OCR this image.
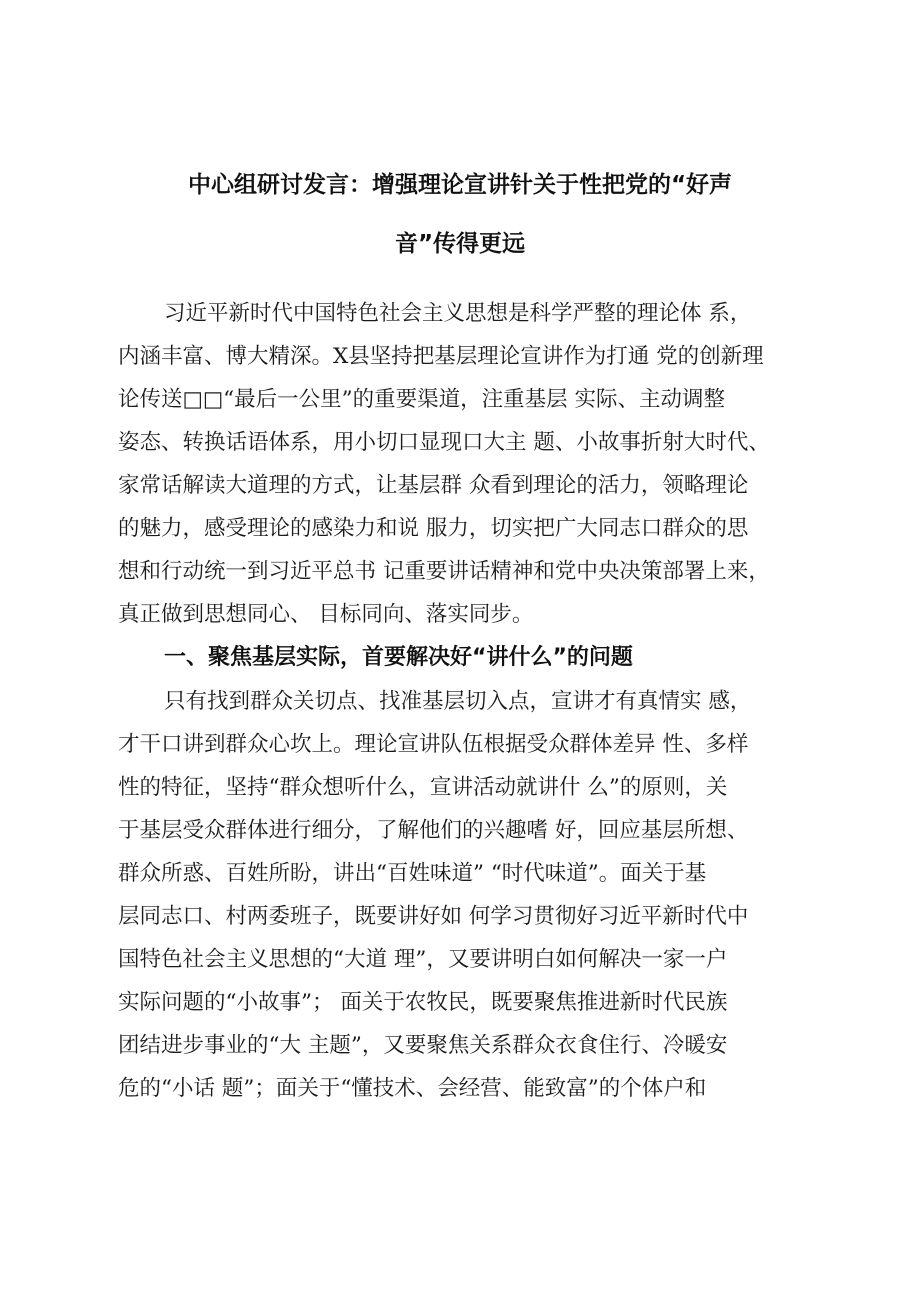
中心组研讨发言：增强理论宣讲针关于性把党的“好声
音”传得更远
习近平新时代中国特色社会主义思想是科学严整的理论体 系，
内涵丰富、博大精深。X县坚持把基层理论宣讲作为打通 党的创新理
论传送□□“最后一公里”的重要渠道，注重基层 实际、主动调整
姿态、转换话语体系，用小切口显现口大主 题、小故事折射大时代、
家常话解读大道理的方式，让基层群 众看到理论的活力，领略理论
的魅力，感受理论的感染力和说 服力，切实把广大同志口群众的思
想和行动统一到习近平总书 记重要讲话精神和党中央决策部署上来，
真正做到思想同心、 目标同向、落实同步。
一、聚焦基层实际，首要解决好“讲什么”的问题
只有找到群众关切点、找准基层切入点，宣讲才有真情实 感，
才干口讲到群众心坎上。理论宣讲队伍根据受众群体差异 性、多样
性的特征，坚持“群众想听什么，宣讲活动就讲什 么”的原则，关
于基层受众群体进行细分，了解他们的兴趣嗜 好，回应基层所想、
群众所惑、百姓所盼，讲出“百姓味道” “时代味道”。面关于基
层同志口、村两委班子，既要讲好如 何学习贯彻好习近平新时代中
国特色社会主义思想的“大道 理”，又要讲明白如何解决一家一户
实际问题的“小故事”； 面关于农牧民，既要聚焦推进新时代民族
团结进步事业的“大 主题”，又要聚焦关系群众衣食住行、冷暖安
危的“小话 题”；面关于“懂技术、会经营、能致富”的个体户和
